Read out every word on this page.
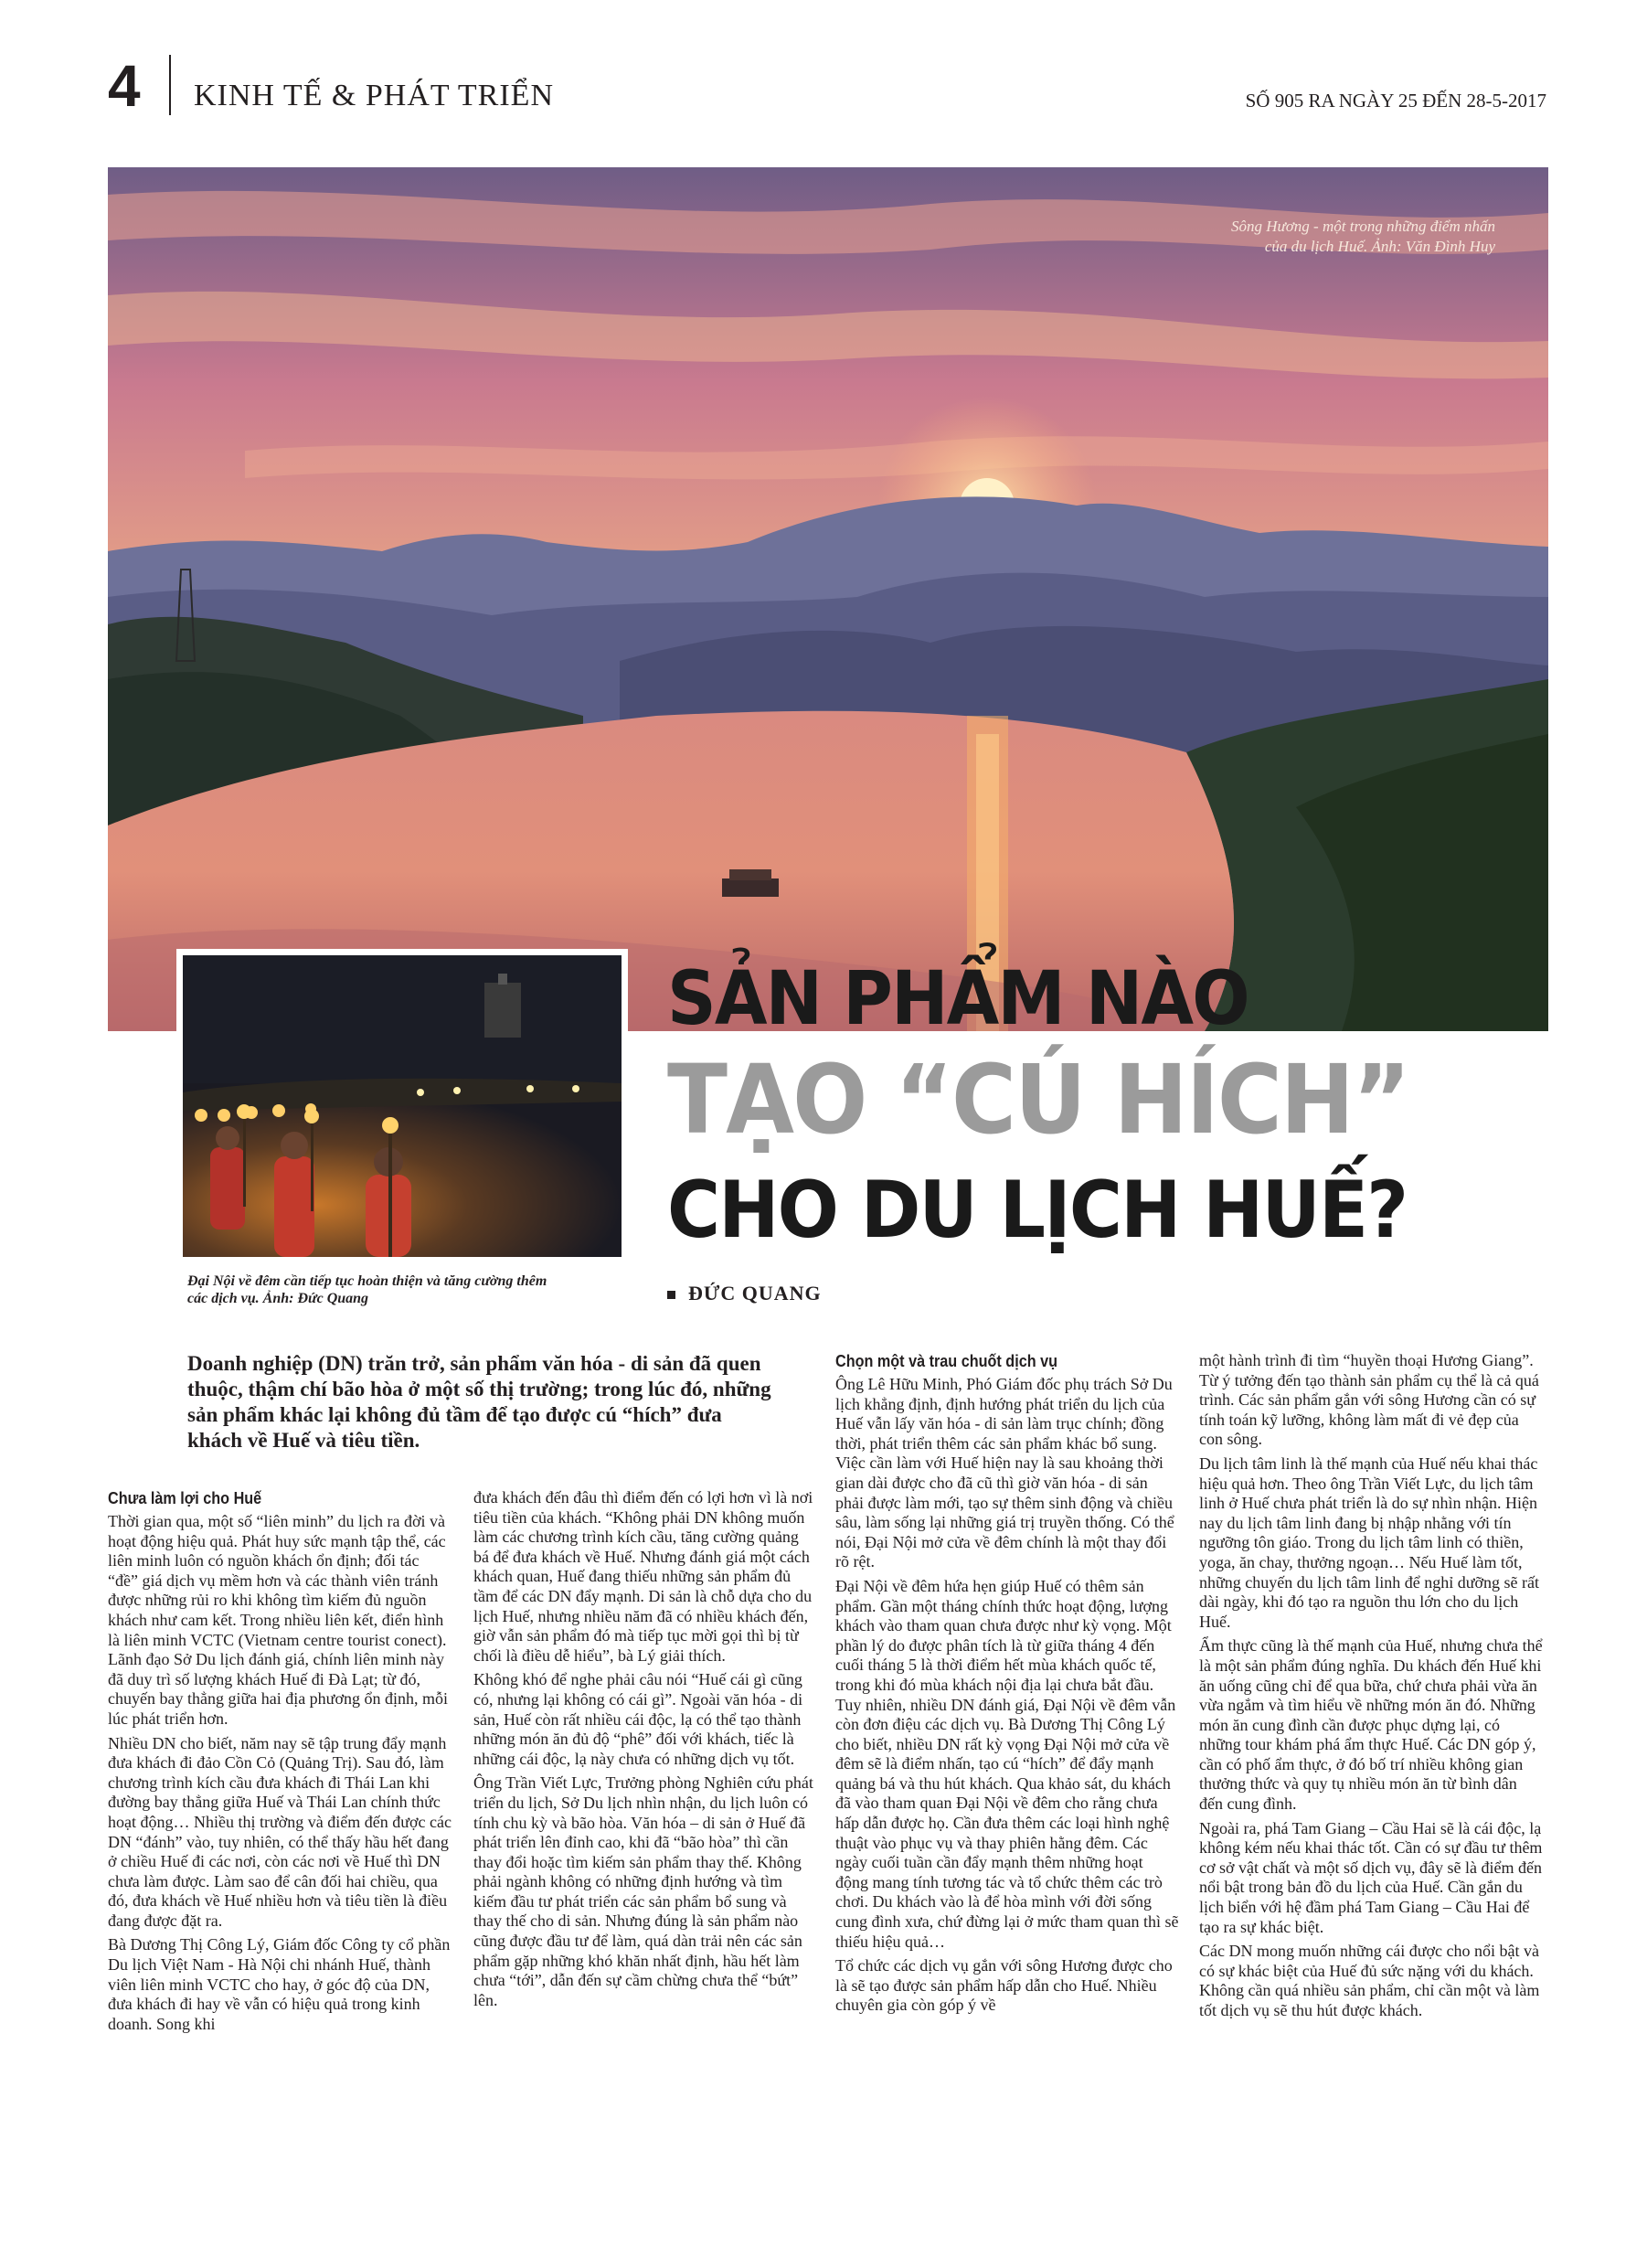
4 KINH TẾ & PHÁT TRIỂN	SỐ 905 RA NGÀY 25 ĐẾN 28-5-2017
Sông Hương - một trong những điểm nhấn
của du lịch Huế. Ảnh: Văn Đình Huy
Đại Nội về đêm cần tiếp tục hoàn thiện và tăng cường thêm
các dịch vụ. Ảnh: Đức Quang
SẢN PHẨM NÀO
TẠO “CÚ HÍCH”
CHO DU LỊCH HUẾ?
ĐỨC QUANG
Doanh nghiệp (DN) trăn trở, sản phẩm văn hóa - di sản đã quen thuộc, thậm chí bão hòa ở một số thị trường; trong lúc đó, những sản phẩm khác lại không đủ tầm để tạo được cú “hích” đưa khách về Huế và tiêu tiền.
Chưa làm lợi cho Huế

Thời gian qua, một số “liên minh” du lịch ra đời và hoạt động hiệu quả. Phát huy sức mạnh tập thể, các liên minh luôn có nguồn khách ổn định; đối tác “đề” giá dịch vụ mềm hơn và các thành viên tránh được những rủi ro khi không tìm kiếm đủ nguồn khách như cam kết. Trong nhiều liên kết, điển hình là liên minh VCTC (Vietnam centre tourist conect). Lãnh đạo Sở Du lịch đánh giá, chính liên minh này đã duy trì số lượng khách Huế đi Đà Lạt; từ đó, chuyến bay thẳng giữa hai địa phương ổn định, mỗi lúc phát triển hơn.

Nhiều DN cho biết, năm nay sẽ tập trung đẩy mạnh đưa khách đi đảo Cồn Cỏ (Quảng Trị). Sau đó, làm chương trình kích cầu đưa khách đi Thái Lan khi đường bay thẳng giữa Huế và Thái Lan chính thức hoạt động… Nhiều thị trường và điểm đến được các DN “đánh” vào, tuy nhiên, có thể thấy hầu hết đang ở chiều Huế đi các nơi, còn các nơi về Huế thì DN chưa làm được. Làm sao để cân đối hai chiều, qua đó, đưa khách về Huế nhiều hơn và tiêu tiền là điều đang được đặt ra.

Bà Dương Thị Công Lý, Giám đốc Công ty cổ phần Du lịch Việt Nam - Hà Nội chi nhánh Huế, thành viên liên minh VCTC cho hay, ở góc độ của DN, đưa khách đi hay về vẫn có hiệu quả trong kinh doanh. Song khi

đưa khách đến đâu thì điểm đến có lợi hơn vì là nơi tiêu tiền của khách. “Không phải DN không muốn làm các chương trình kích cầu, tăng cường quảng bá để đưa khách về Huế. Nhưng đánh giá một cách khách quan, Huế đang thiếu những sản phẩm đủ tầm để các DN đẩy mạnh. Di sản là chỗ dựa cho du lịch Huế, nhưng nhiều năm đã có nhiều khách đến, giờ vẫn sản phẩm đó mà tiếp tục mời gọi thì bị từ chối là điều dễ hiểu”, bà Lý giải thích.

Không khó để nghe phải câu nói “Huế cái gì cũng có, nhưng lại không có cái gì”. Ngoài văn hóa - di sản, Huế còn rất nhiều cái độc, lạ có thể tạo thành những món ăn đủ độ “phê” đối với khách, tiếc là những cái độc, lạ này chưa có những dịch vụ tốt.

Ông Trần Viết Lực, Trưởng phòng Nghiên cứu phát triển du lịch, Sở Du lịch nhìn nhận, du lịch luôn có tính chu kỳ và bão hòa. Văn hóa – di sản ở Huế đã phát triển lên đỉnh cao, khi đã “bão hòa” thì cần thay đổi hoặc tìm kiếm sản phẩm thay thế. Không phải ngành không có những định hướng và tìm kiếm đầu tư phát triển các sản phẩm bổ sung và thay thế cho di sản. Nhưng đúng là sản phẩm nào cũng được đầu tư để làm, quá dàn trải nên các sản phẩm gặp những khó khăn nhất định, hầu hết làm chưa “tới”, dẫn đến sự cầm chừng chưa thể “bứt” lên.

Chọn một và trau chuốt dịch vụ

Ông Lê Hữu Minh, Phó Giám đốc phụ trách Sở Du lịch khẳng định, định hướng phát triển du lịch của Huế vẫn lấy văn hóa - di sản làm trục chính; đồng thời, phát triển thêm các sản phẩm khác bổ sung. Việc cần làm với Huế hiện nay là sau khoảng thời gian dài được cho đã cũ thì giờ văn hóa - di sản phải được làm mới, tạo sự thêm sinh động và chiều sâu, làm sống lại những giá trị truyền thống. Có thể nói, Đại Nội mở cửa về đêm chính là một thay đổi rõ rệt.

Đại Nội về đêm hứa hẹn giúp Huế có thêm sản phẩm. Gần một tháng chính thức hoạt động, lượng khách vào tham quan chưa được như kỳ vọng. Một phần lý do được phân tích là từ giữa tháng 4 đến cuối tháng 5 là thời điểm hết mùa khách quốc tế, trong khi đó mùa khách nội địa lại chưa bắt đầu. Tuy nhiên, nhiều DN đánh giá, Đại Nội về đêm vẫn còn đơn điệu các dịch vụ. Bà Dương Thị Công Lý cho biết, nhiều DN rất kỳ vọng Đại Nội mở cửa về đêm sẽ là điểm nhấn, tạo cú “hích” để đẩy mạnh quảng bá và thu hút khách. Qua khảo sát, du khách đã vào tham quan Đại Nội về đêm cho rằng chưa hấp dẫn được họ. Cần đưa thêm các loại hình nghệ thuật vào phục vụ và thay phiên hằng đêm. Các ngày cuối tuần cần đẩy mạnh thêm những hoạt động mang tính tương tác và tổ chức thêm các trò chơi. Du khách vào là để hòa mình với đời sống cung đình xưa, chứ đừng lại ở mức tham quan thì sẽ thiếu hiệu quả…

Tổ chức các dịch vụ gắn với sông Hương được cho là sẽ tạo được sản phẩm hấp dẫn cho Huế. Nhiều chuyên gia còn góp ý về

một hành trình đi tìm “huyền thoại Hương Giang”. Từ ý tưởng đến tạo thành sản phẩm cụ thể là cả quá trình. Các sản phẩm gắn với sông Hương cần có sự tính toán kỹ lưỡng, không làm mất đi vẻ đẹp của con sông.

Du lịch tâm linh là thế mạnh của Huế nếu khai thác hiệu quả hơn. Theo ông Trần Viết Lực, du lịch tâm linh ở Huế chưa phát triển là do sự nhìn nhận. Hiện nay du lịch tâm linh đang bị nhập nhằng với tín ngưỡng tôn giáo. Trong du lịch tâm linh có thiền, yoga, ăn chay, thưởng ngoạn… Nếu Huế làm tốt, những chuyến du lịch tâm linh để nghỉ dưỡng sẽ rất dài ngày, khi đó tạo ra nguồn thu lớn cho du lịch Huế.

Ẩm thực cũng là thế mạnh của Huế, nhưng chưa thể là một sản phẩm đúng nghĩa. Du khách đến Huế khi ăn uống cũng chỉ để qua bữa, chứ chưa phải vừa ăn vừa ngắm và tìm hiểu về những món ăn đó. Những món ăn cung đình cần được phục dựng lại, có những tour khám phá ẩm thực Huế. Các DN góp ý, cần có phố ẩm thực, ở đó bố trí nhiều không gian thưởng thức và quy tụ nhiều món ăn từ bình dân đến cung đình.

Ngoài ra, phá Tam Giang – Cầu Hai sẽ là cái độc, lạ không kém nếu khai thác tốt. Cần có sự đầu tư thêm cơ sở vật chất và một số dịch vụ, đây sẽ là điểm đến nổi bật trong bản đồ du lịch của Huế. Cần gắn du lịch biển với hệ đầm phá Tam Giang – Cầu Hai để tạo ra sự khác biệt.

Các DN mong muốn những cái được cho nổi bật và có sự khác biệt của Huế đủ sức nặng với du khách. Không cần quá nhiều sản phẩm, chỉ cần một và làm tốt dịch vụ sẽ thu hút được khách.
